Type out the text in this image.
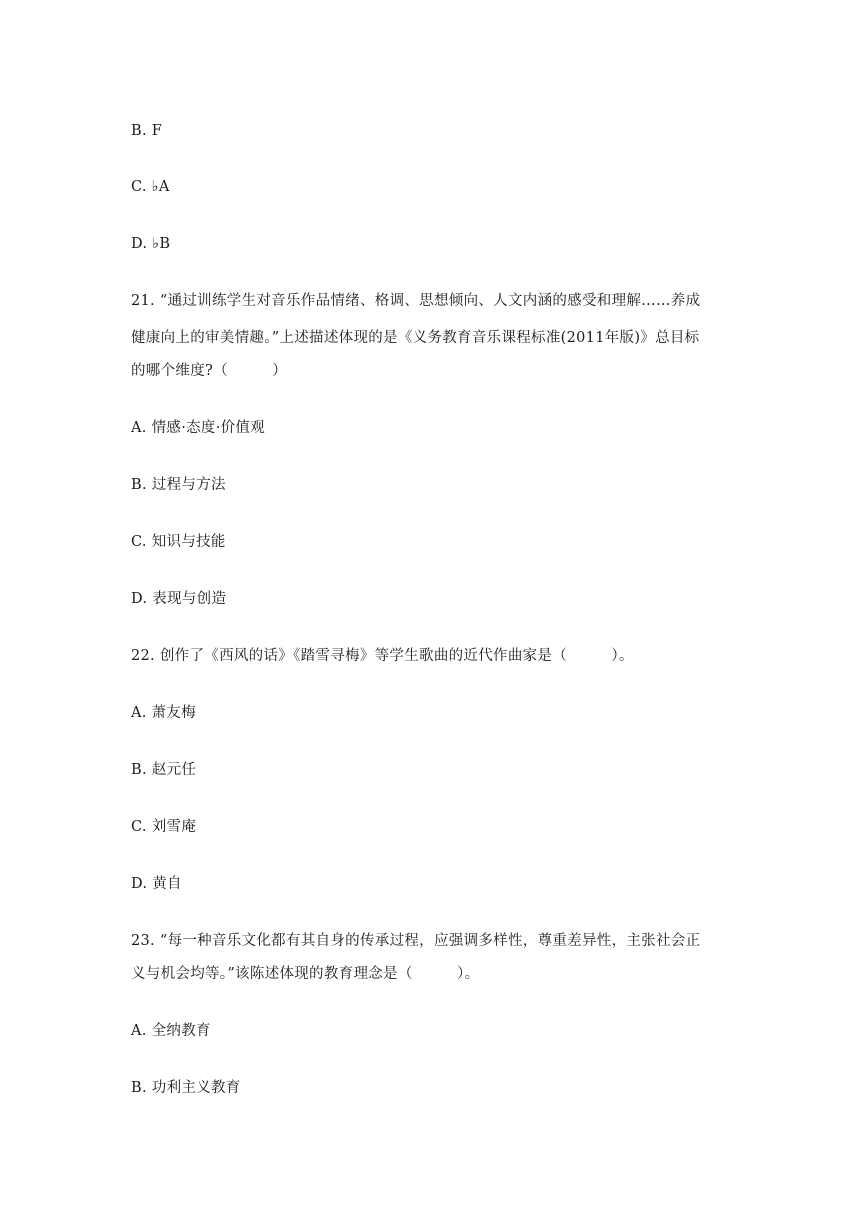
B. F
C. ♭A
D. ♭B
21. “通过训练学生对音乐作品情绪、格调、思想倾向、人文内涵的感受和理解……养成
健康向上的审美情趣。”上述描述体现的是《义务教育音乐课程标准(2011年版)》总目标
的哪个维度?（　　　）
A. 情感·态度·价值观
B. 过程与方法
C. 知识与技能
D. 表现与创造
22. 创作了《西风的话》《踏雪寻梅》等学生歌曲的近代作曲家是（　　　）。
A. 萧友梅
B. 赵元任
C. 刘雪庵
D. 黄自
23. “每一种音乐文化都有其自身的传承过程，应强调多样性，尊重差异性，主张社会正
义与机会均等。”该陈述体现的教育理念是（　　　）。
A. 全纳教育
B. 功利主义教育
